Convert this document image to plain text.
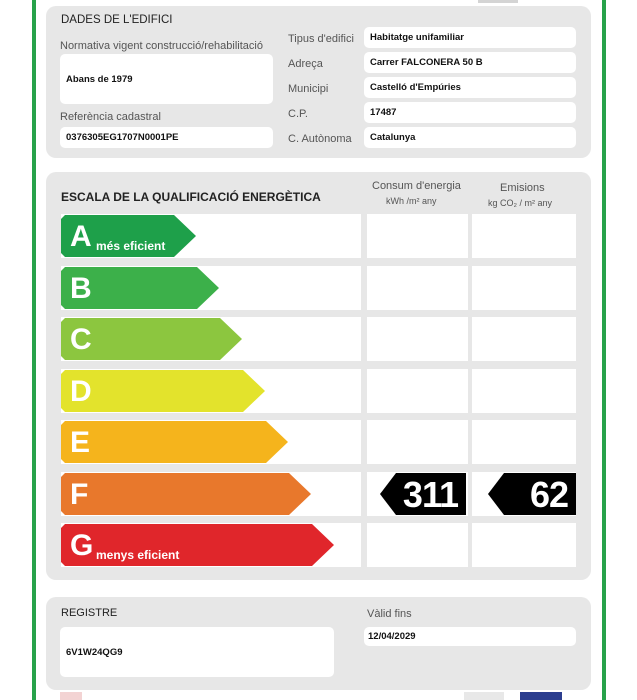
DADES DE L'EDIFICI
Normativa vigent construcció/rehabilitació
Abans de 1979
Referència cadastral
0376305EG1707N0001PE
Tipus d'edifici Habitatge unifamiliar
Adreça	Carrer FALCONERA 50 B
Municipi	Castelló d'Empúries
C.P.	17487
C. Autònoma Catalunya
ESCALA DE LA QUALIFICACIÓ ENERGÈTICA
Consum d'energia
kWh /m² any
Emisions
kg CO₂ / m² any
A més eficient
B
C
D
E
F	311 62
G menys eficient
REGISTRE
6V1W24QG9
Vàlid fins
12/04/2029
